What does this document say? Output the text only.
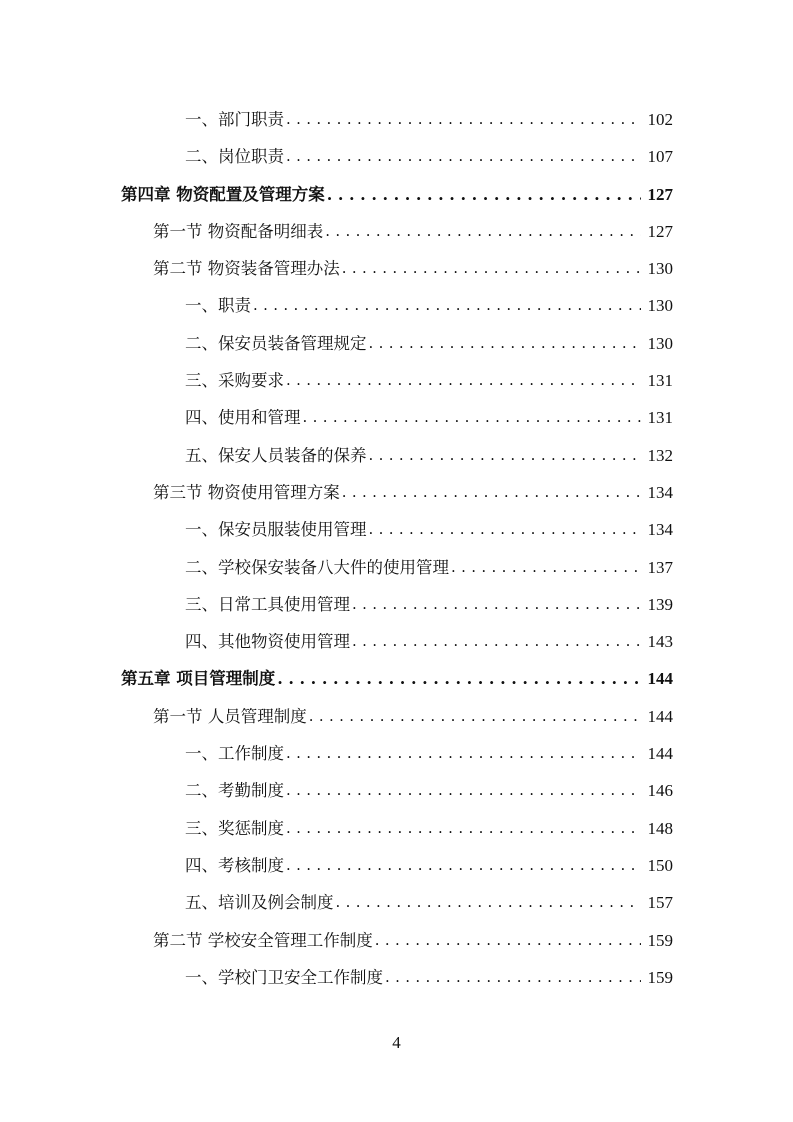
一、部门职责 . . .	102
二、岗位职责 . . .	107
第四章 物资配置及管理方案 . . .	127
第一节 物资配备明细表 . . .	127
第二节 物资装备管理办法 . . .	130
一、职责 . . .	130
二、保安员装备管理规定 . . .	130
三、采购要求 . . .	131
四、使用和管理 . . .	131
五、保安人员装备的保养 . . .	132
第三节 物资使用管理方案 . . .	134
一、保安员服装使用管理 . . .	134
二、学校保安装备八大件的使用管理 . . .	137
三、日常工具使用管理 . . .	139
四、其他物资使用管理 . . .	143
第五章 项目管理制度 . . .	144
第一节 人员管理制度 . . .	144
一、工作制度 . . .	144
二、考勤制度 . . .	146
三、奖惩制度 . . .	148
四、考核制度 . . .	150
五、培训及例会制度 . . .	157
第二节 学校安全管理工作制度 . . .	159
一、学校门卫安全工作制度 . . .	159
4
